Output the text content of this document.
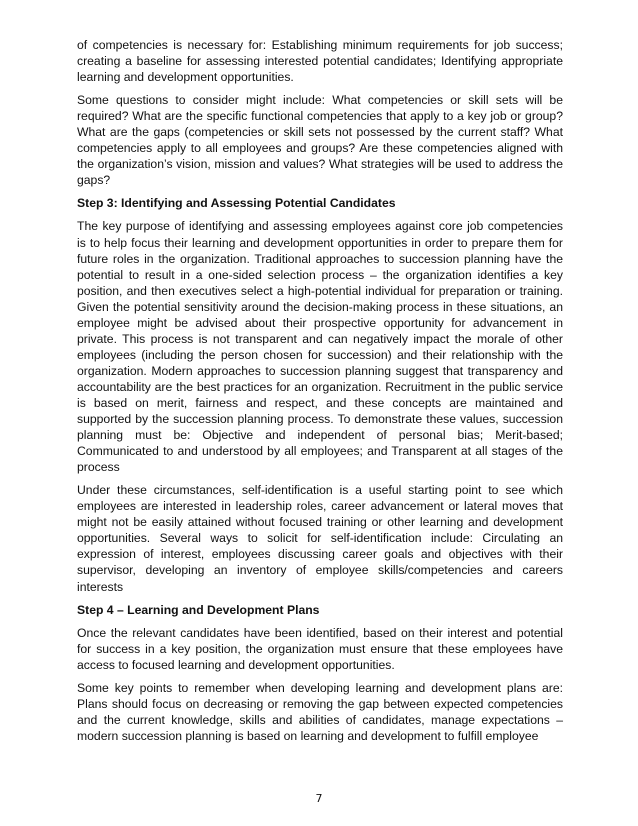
of competencies is necessary for: Establishing minimum requirements for job success; creating a baseline for assessing interested potential candidates; Identifying appropriate learning and development opportunities.

Some questions to consider might include: What competencies or skill sets will be required? What are the specific functional competencies that apply to a key job or group? What are the gaps (competencies or skill sets not possessed by the current staff? What competencies apply to all employees and groups? Are these competencies aligned with the organization’s vision, mission and values? What strategies will be used to address the gaps?

Step 3: Identifying and Assessing Potential Candidates

The key purpose of identifying and assessing employees against core job competencies is to help focus their learning and development opportunities in order to prepare them for future roles in the organization. Traditional approaches to succession planning have the potential to result in a one-sided selection process – the organization identifies a key position, and then executives select a high-potential individual for preparation or training. Given the potential sensitivity around the decision-making process in these situations, an employee might be advised about their prospective opportunity for advancement in private. This process is not transparent and can negatively impact the morale of other employees (including the person chosen for succession) and their relationship with the organization. Modern approaches to succession planning suggest that transparency and accountability are the best practices for an organization. Recruitment in the public service is based on merit, fairness and respect, and these concepts are maintained and supported by the succession planning process. To demonstrate these values, succession planning must be: Objective and independent of personal bias; Merit-based; Communicated to and understood by all employees; and Transparent at all stages of the process

Under these circumstances, self-identification is a useful starting point to see which employees are interested in leadership roles, career advancement or lateral moves that might not be easily attained without focused training or other learning and development opportunities. Several ways to solicit for self-identification include: Circulating an expression of interest, employees discussing career goals and objectives with their supervisor, developing an inventory of employee skills/competencies and careers interests

Step 4 – Learning and Development Plans

Once the relevant candidates have been identified, based on their interest and potential for success in a key position, the organization must ensure that these employees have access to focused learning and development opportunities.

Some key points to remember when developing learning and development plans are: Plans should focus on decreasing or removing the gap between expected competencies and the current knowledge, skills and abilities of candidates, manage expectations – modern succession planning is based on learning and development to fulfill employee

7
